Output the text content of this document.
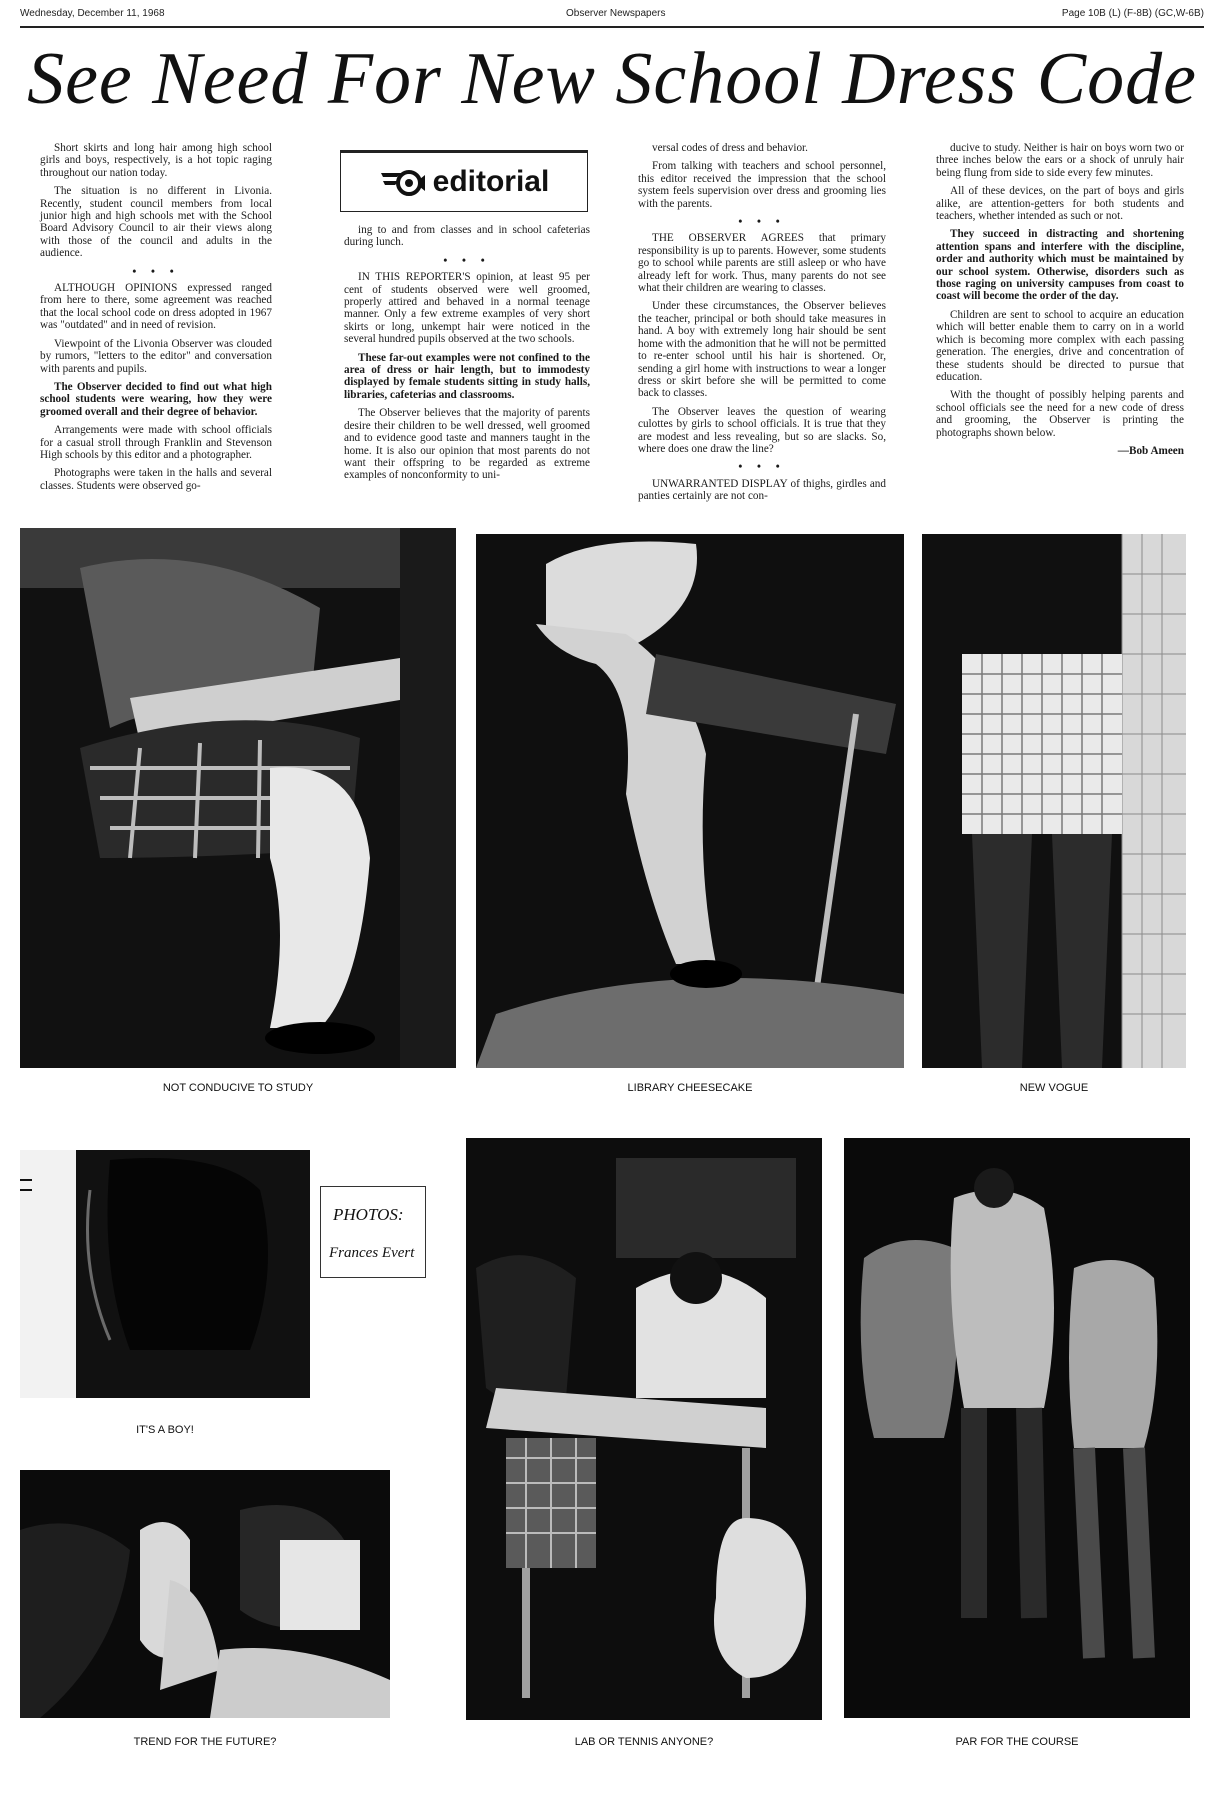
Wednesday, December 11, 1968	Observer Newspapers	Page 10B (L) (F-8B) (GC,W-6B)
See Need For New School Dress Code

Short skirts and long hair among high school girls and boys, respectively, is a hot topic raging throughout our nation today.

The situation is no different in Livonia. Recently, student council members from local junior high and high schools met with the School Board Advisory Council to air their views along with those of the council and adults in the audience.

• • •

ALTHOUGH OPINIONS expressed ranged from here to there, some agreement was reached that the local school code on dress adopted in 1967 was "outdated" and in need of revision.

Viewpoint of the Livonia Observer was clouded by rumors, "letters to the editor" and conversation with parents and pupils.

The Observer decided to find out what high school students were wearing, how they were groomed overall and their degree of behavior.

Arrangements were made with school officials for a casual stroll through Franklin and Stevenson High schools by this editor and a photographer.

Photographs were taken in the halls and several classes. Students were observed go-

editorial

ing to and from classes and in school cafeterias during lunch.

• • •

IN THIS REPORTER'S opinion, at least 95 per cent of students observed were well groomed, properly attired and behaved in a normal teenage manner. Only a few extreme examples of very short skirts or long, unkempt hair were noticed in the several hundred pupils observed at the two schools.

These far-out examples were not confined to the area of dress or hair length, but to immodesty displayed by female students sitting in study halls, libraries, cafeterias and classrooms.

The Observer believes that the majority of parents desire their children to be well dressed, well groomed and to evidence good taste and manners taught in the home. It is also our opinion that most parents do not want their offspring to be regarded as extreme examples of nonconformity to uni-

versal codes of dress and behavior.

From talking with teachers and school personnel, this editor received the impression that the school system feels supervision over dress and grooming lies with the parents.

• • •

THE OBSERVER AGREES that primary responsibility is up to parents. However, some students go to school while parents are still asleep or who have already left for work. Thus, many parents do not see what their children are wearing to classes.

Under these circumstances, the Observer believes the teacher, principal or both should take measures in hand. A boy with extremely long hair should be sent home with the admonition that he will not be permitted to re-enter school until his hair is shortened. Or, sending a girl home with instructions to wear a longer dress or skirt before she will be permitted to come back to classes.

The Observer leaves the question of wearing culottes by girls to school officials. It is true that they are modest and less revealing, but so are slacks. So, where does one draw the line?

• • •

UNWARRANTED DISPLAY of thighs, girdles and panties certainly are not con-

ducive to study. Neither is hair on boys worn two or three inches below the ears or a shock of unruly hair being flung from side to side every few minutes.

All of these devices, on the part of boys and girls alike, are attention-getters for both students and teachers, whether intended as such or not.

They succeed in distracting and shortening attention spans and interfere with the discipline, order and authority which must be maintained by our school system. Otherwise, disorders such as those raging on university campuses from coast to coast will become the order of the day.

Children are sent to school to acquire an education which will better enable them to carry on in a world which is becoming more complex with each passing generation. The energies, drive and concentration of these students should be directed to pursue that education.

With the thought of possibly helping parents and school officials see the need for a new code of dress and grooming, the Observer is printing the photographs shown below.

—Bob Ameen

NOT CONDUCIVE TO STUDY	LIBRARY CHEESECAKE	NEW VOGUE
IT'S A BOY!
PHOTOS:
Frances Evert
TREND FOR THE FUTURE?	LAB OR TENNIS ANYONE?	PAR FOR THE COURSE
